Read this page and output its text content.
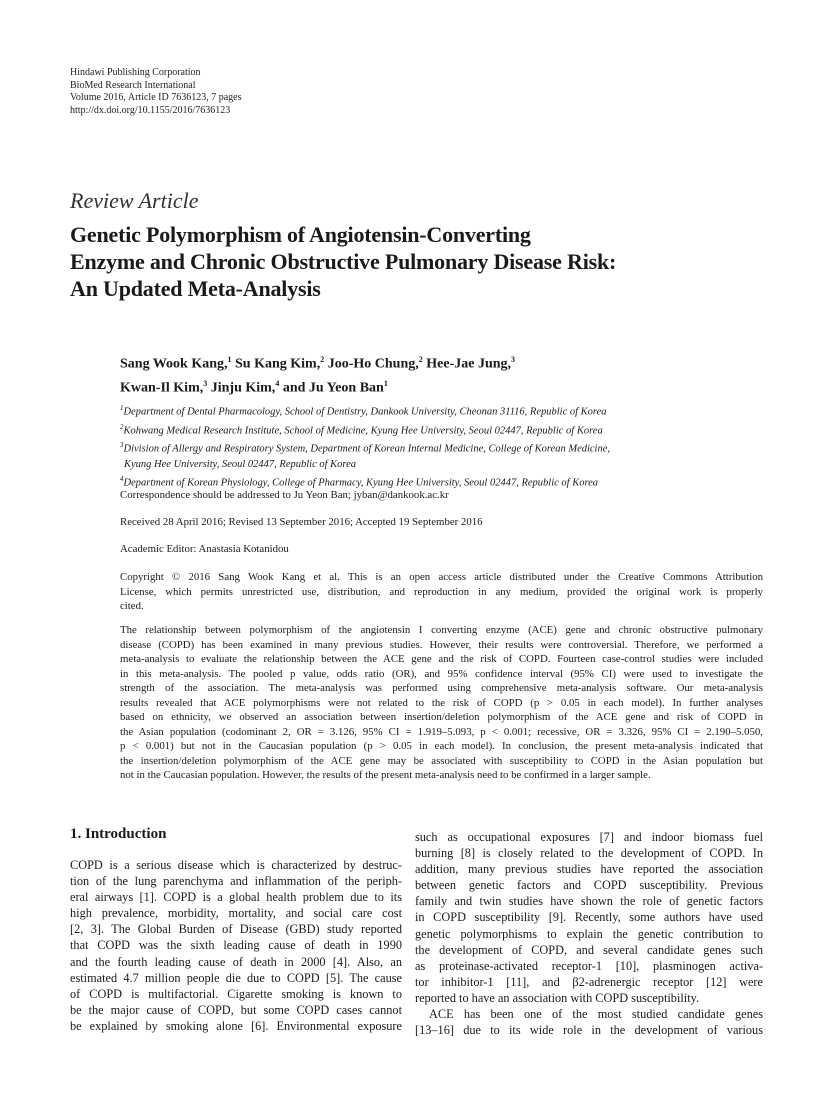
Hindawi Publishing Corporation
BioMed Research International
Volume 2016, Article ID 7636123, 7 pages
http://dx.doi.org/10.1155/2016/7636123
Review Article
Genetic Polymorphism of Angiotensin-Converting
Enzyme and Chronic Obstructive Pulmonary Disease Risk:
An Updated Meta-Analysis
Sang Wook Kang,$^1$ Su Kang Kim,$^2$ Joo-Ho Chung,$^2$ Hee-Jae Jung,$^3$
Kwan-Il Kim,$^3$ Jinju Kim,$^4$ and Ju Yeon Ban$^1$
$^1$Department of Dental Pharmacology, School of Dentistry, Dankook University, Cheonan 31116, Republic of Korea
$^2$Kohwang Medical Research Institute, School of Medicine, Kyung Hee University, Seoul 02447, Republic of Korea
$^3$Division of Allergy and Respiratory System, Department of Korean Internal Medicine, College of Korean Medicine,
Kyung Hee University, Seoul 02447, Republic of Korea
$^4$Department of Korean Physiology, College of Pharmacy, Kyung Hee University, Seoul 02447, Republic of Korea
Correspondence should be addressed to Ju Yeon Ban; jyban@dankook.ac.kr
Received 28 April 2016; Revised 13 September 2016; Accepted 19 September 2016
Academic Editor: Anastasia Kotanidou
Copyright © 2016 Sang Wook Kang et al. This is an open access article distributed under the Creative Commons Attribution
License, which permits unrestricted use, distribution, and reproduction in any medium, provided the original work is properly
cited.
The relationship between polymorphism of the angiotensin I converting enzyme (ACE) gene and chronic obstructive pulmonary
disease (COPD) has been examined in many previous studies. However, their results were controversial. Therefore, we performed a
meta-analysis to evaluate the relationship between the ACE gene and the risk of COPD. Fourteen case-control studies were included
in this meta-analysis. The pooled p value, odds ratio (OR), and 95% confidence interval (95% CI) were used to investigate the
strength of the association. The meta-analysis was performed using comprehensive meta-analysis software. Our meta-analysis
results revealed that ACE polymorphisms were not related to the risk of COPD (p > 0.05 in each model). In further analyses
based on ethnicity, we observed an association between insertion/deletion polymorphism of the ACE gene and risk of COPD in
the Asian population (codominant 2, OR = 3.126, 95% CI = 1.919–5.093, p < 0.001; recessive, OR = 3.326, 95% CI = 2.190–5.050,
p < 0.001) but not in the Caucasian population (p > 0.05 in each model). In conclusion, the present meta-analysis indicated that
the insertion/deletion polymorphism of the ACE gene may be associated with susceptibility to COPD in the Asian population but
not in the Caucasian population. However, the results of the present meta-analysis need to be confirmed in a larger sample.
1. Introduction
COPD is a serious disease which is characterized by destruc-
tion of the lung parenchyma and inflammation of the periph-
eral airways [1]. COPD is a global health problem due to its
high prevalence, morbidity, mortality, and social care cost
[2, 3]. The Global Burden of Disease (GBD) study reported
that COPD was the sixth leading cause of death in 1990
and the fourth leading cause of death in 2000 [4]. Also, an
estimated 4.7 million people die due to COPD [5]. The cause
of COPD is multifactorial. Cigarette smoking is known to
be the major cause of COPD, but some COPD cases cannot
be explained by smoking alone [6]. Environmental exposure
such as occupational exposures [7] and indoor biomass fuel
burning [8] is closely related to the development of COPD. In
addition, many previous studies have reported the association
between genetic factors and COPD susceptibility. Previous
family and twin studies have shown the role of genetic factors
in COPD susceptibility [9]. Recently, some authors have used
genetic polymorphisms to explain the genetic contribution to
the development of COPD, and several candidate genes such
as proteinase-activated receptor-1 [10], plasminogen activa-
tor inhibitor-1 [11], and β2-adrenergic receptor [12] were
reported to have an association with COPD susceptibility.
ACE has been one of the most studied candidate genes
[13–16] due to its wide role in the development of various
